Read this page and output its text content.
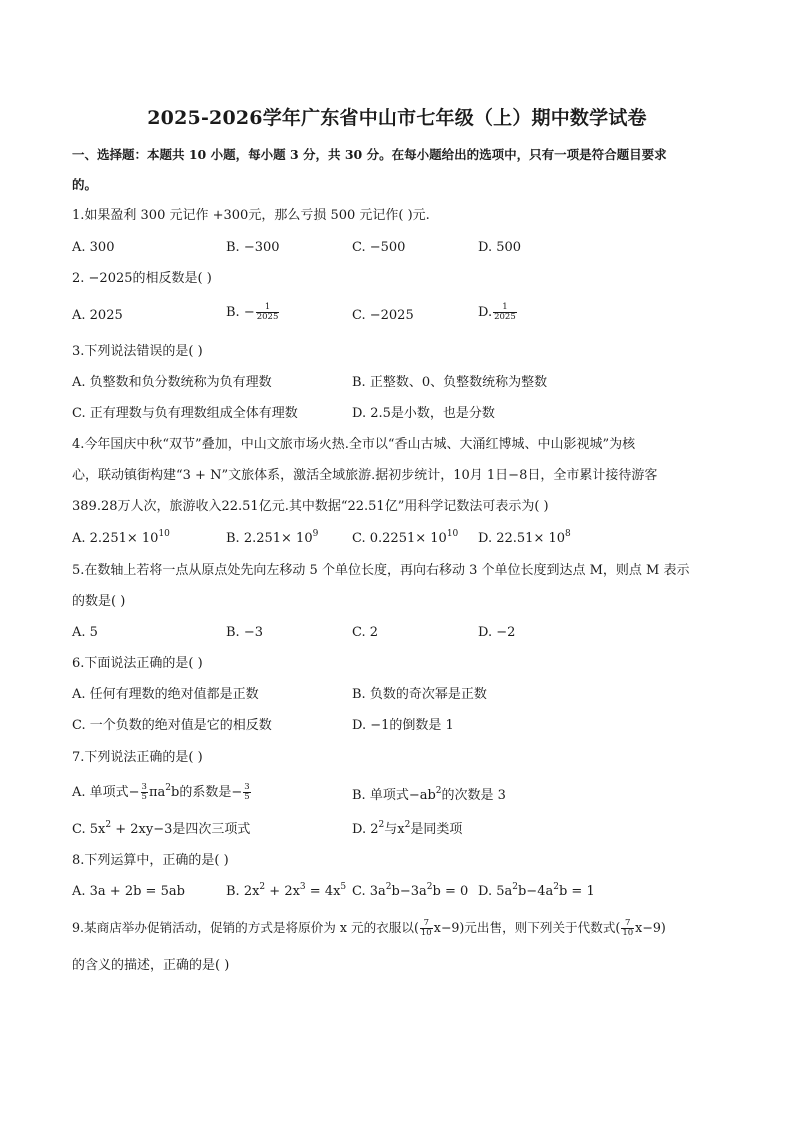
2025-2026学年广东省中山市七年级（上）期中数学试卷
一、选择题：本题共 10 小题，每小题 3 分，共 30 分。在每小题给出的选项中，只有一项是符合题目要求
的。
1.如果盈利 300 元记作 +300元，那么亏损 500 元记作( )元.
A. 300	B. −300	C. −500	D. 500
2. −2025的相反数是( )
A. 2025	B. − $\frac{1}{2025}$	C. −2025	D. $\frac{1}{2025}$
3.下列说法错误的是( )
A. 负整数和负分数统称为负有理数	B. 正整数、0、负整数统称为整数
C. 正有理数与负有理数组成全体有理数	D. 2.5是小数，也是分数
4.今年国庆中秋“双节”叠加，中山文旅市场火热.全市以“香山古城、大涌红博城、中山影视城”为核
心，联动镇街构建“3 + N”文旅体系，激活全域旅游.据初步统计，10月 1日−8日，全市累计接待游客
389.28万人次，旅游收入22.51亿元.其中数据“22.51亿”用科学记数法可表示为( )
A. $2.251\times 10^{10}$	B. $2.251\times 10^9$	C. $0.2251\times 10^{10}$ D. $22.51\times 10^8$
5.在数轴上若将一点从原点处先向左移动 5 个单位长度，再向右移动 3 个单位长度到达点 M，则点 M 表示
的数是( )
A. 5	B. −3	C. 2	D. −2
6.下面说法正确的是( )
A. 任何有理数的绝对值都是正数	B. 负数的奇次幂是正数
C. 一个负数的绝对值是它的相反数	D. −1的倒数是 1
7.下列说法正确的是( )
A. 单项式− $\frac{3}{5} \pi a^2b$的系数是− $\frac{3}{5}$	B. 单项式$-ab^2$的次数是 3
C. $5x^2 + 2xy-3$是四次三项式	D. $2^2$与$x^2$是同类项
8.下列运算中，正确的是( )
A. 3a + 2b = 5ab	B. $2x^2 + 2x^3 = 4x^5$ C. $3a^2b-3a^2b = 0$ D. $5a^2b-4a^2b = 1$
9.某商店举办促销活动，促销的方式是将原价为 x 元的衣服以( $\frac{7}{10} x-9$)元出售，则下列关于代数式( $\frac{7}{10} x-9$)
的含义的描述，正确的是( )
